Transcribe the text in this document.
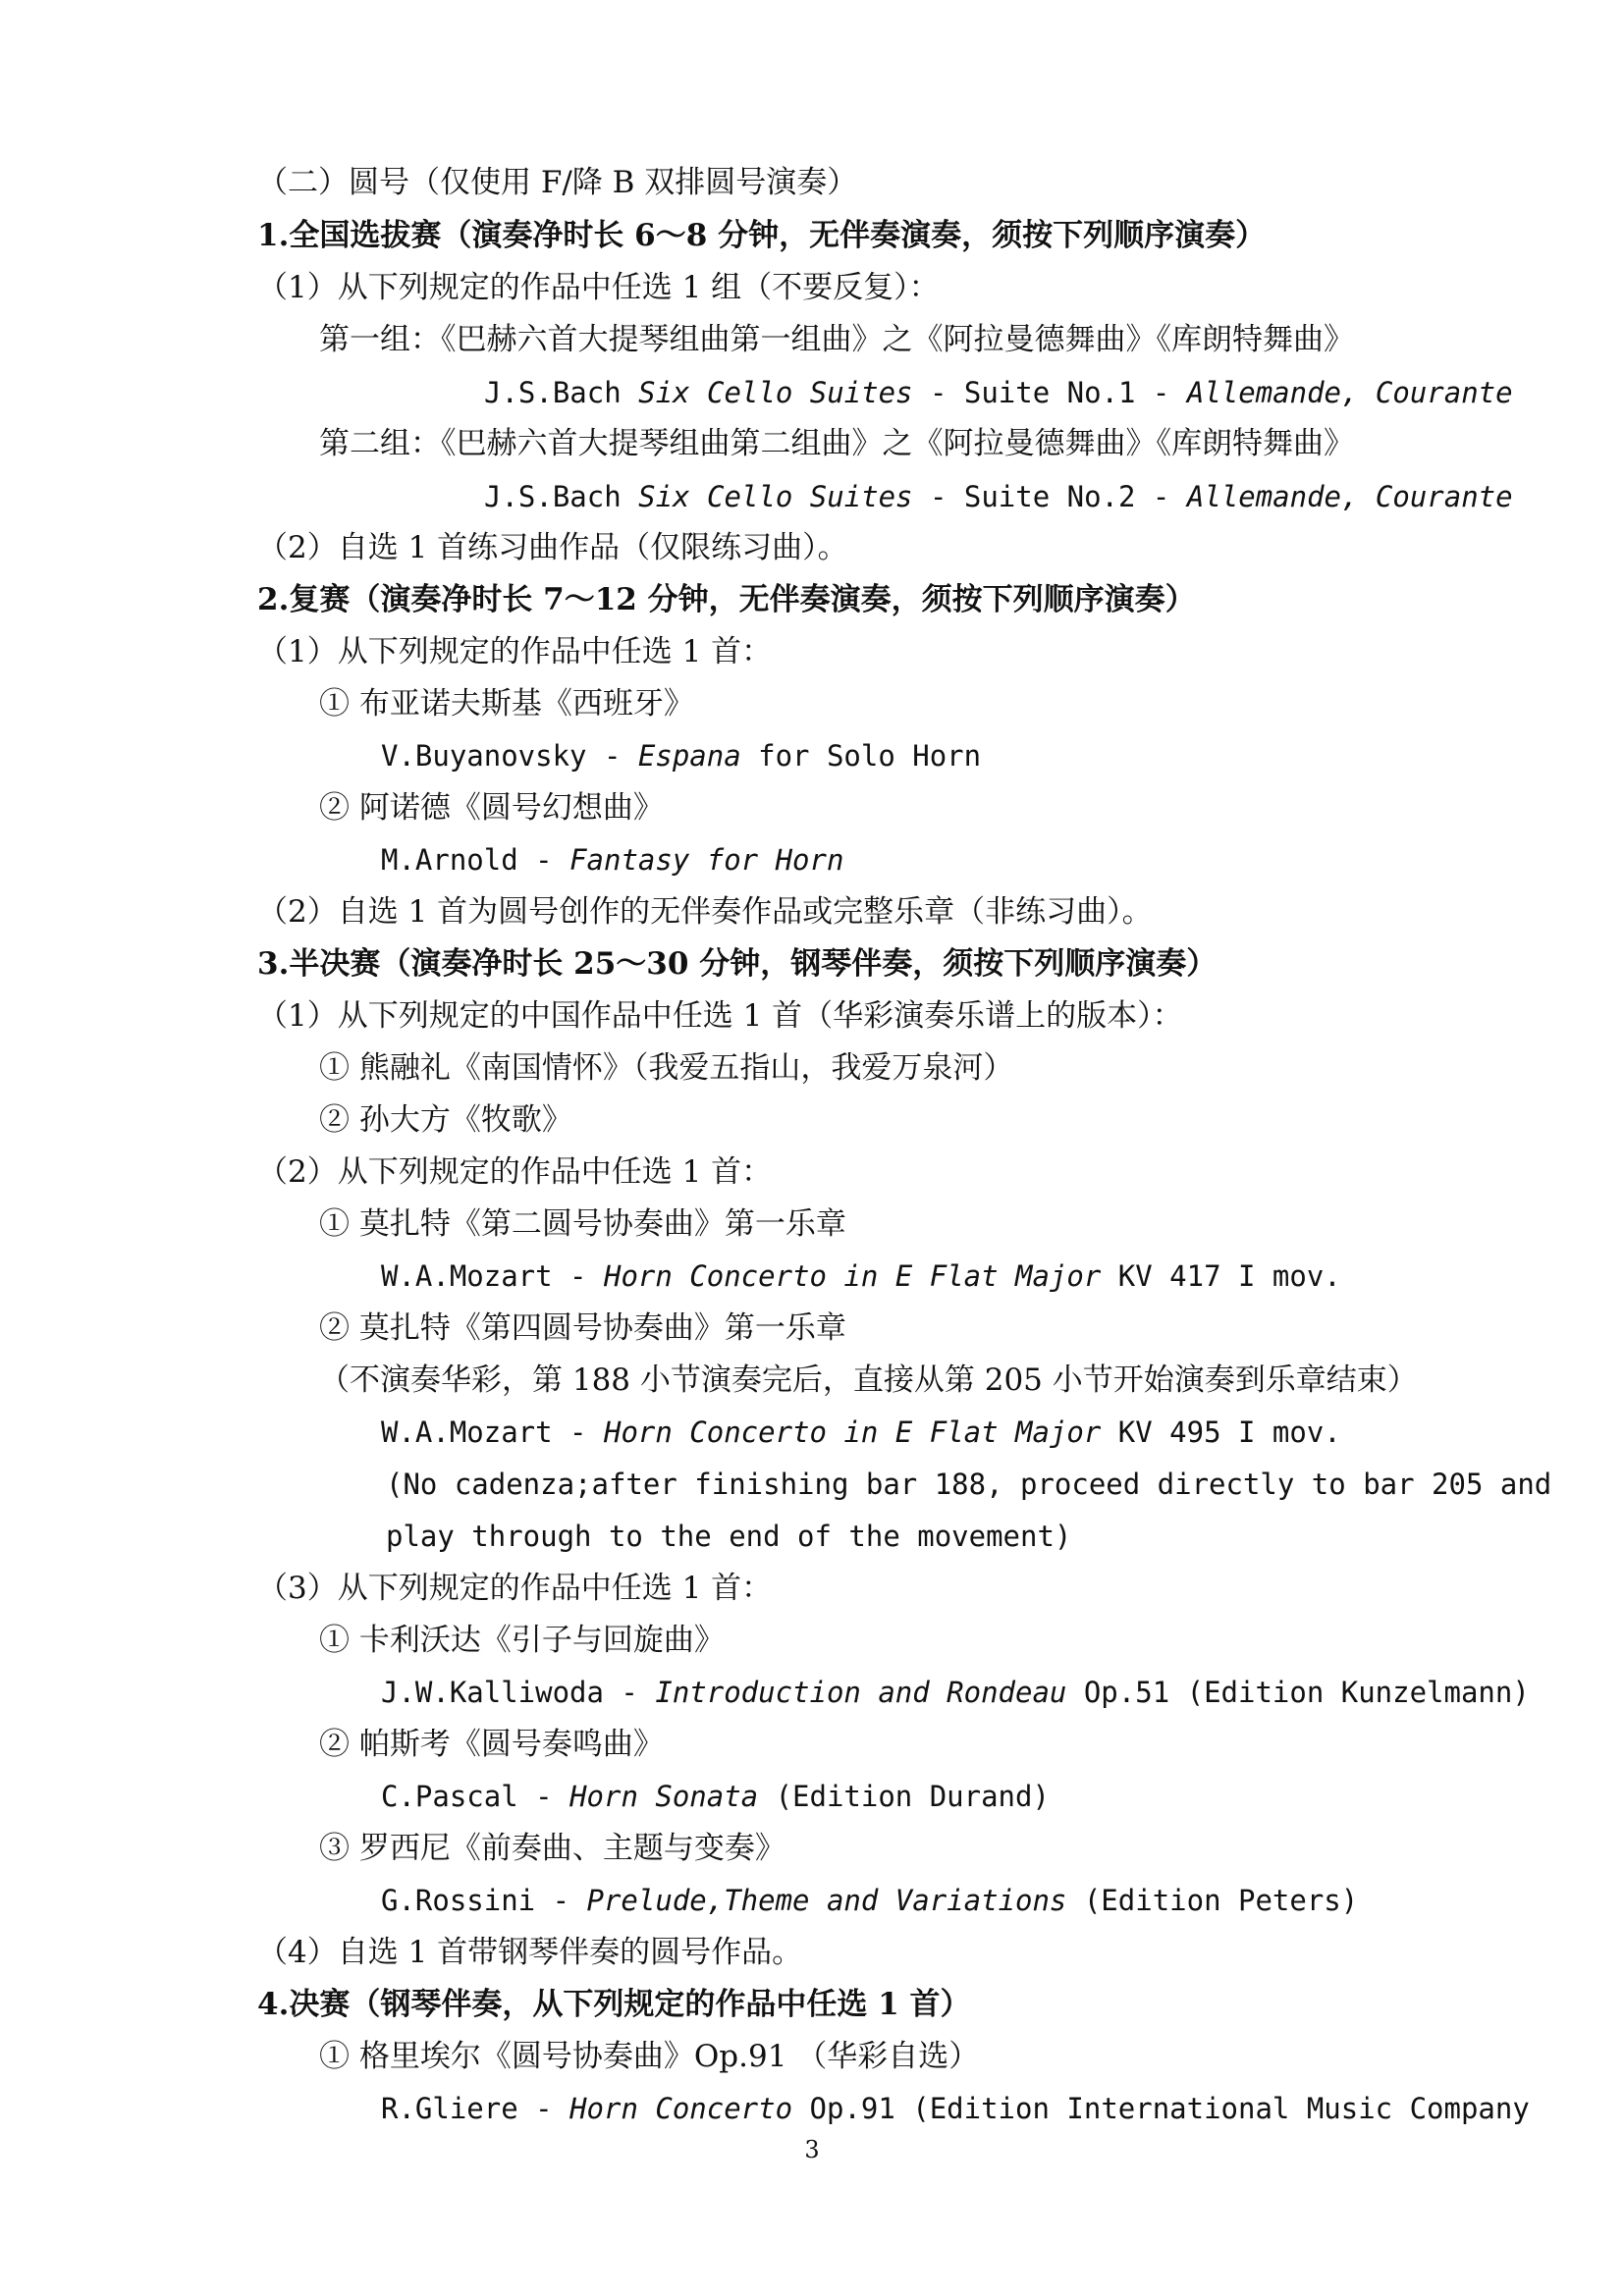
（二）圆号（仅使用 F/降 B 双排圆号演奏）
1.全国选拔赛（演奏净时长 6～8 分钟，无伴奏演奏，须按下列顺序演奏）
（1）从下列规定的作品中任选 1 组（不要反复）：
第一组：《巴赫六首大提琴组曲第一组曲》之《阿拉曼德舞曲》《库朗特舞曲》
J.S.Bach Six Cello Suites - Suite No.1 - Allemande, Courante
第二组：《巴赫六首大提琴组曲第二组曲》之《阿拉曼德舞曲》《库朗特舞曲》
J.S.Bach Six Cello Suites - Suite No.2 - Allemande, Courante
（2）自选 1 首练习曲作品（仅限练习曲）。
2.复赛（演奏净时长 7～12 分钟，无伴奏演奏，须按下列顺序演奏）
（1）从下列规定的作品中任选 1 首：
① 布亚诺夫斯基《西班牙》
V.Buyanovsky - Espana for Solo Horn
② 阿诺德《圆号幻想曲》
M.Arnold - Fantasy for Horn
（2）自选 1 首为圆号创作的无伴奏作品或完整乐章（非练习曲）。
3.半决赛（演奏净时长 25～30 分钟，钢琴伴奏，须按下列顺序演奏）
（1）从下列规定的中国作品中任选 1 首（华彩演奏乐谱上的版本）：
① 熊融礼《南国情怀》（我爱五指山，我爱万泉河）
② 孙大方《牧歌》
（2）从下列规定的作品中任选 1 首：
① 莫扎特《第二圆号协奏曲》第一乐章
W.A.Mozart - Horn Concerto in E Flat Major KV 417 I mov.
② 莫扎特《第四圆号协奏曲》第一乐章
（不演奏华彩，第 188 小节演奏完后，直接从第 205 小节开始演奏到乐章结束）
W.A.Mozart - Horn Concerto in E Flat Major KV 495 I mov.
(No cadenza;after finishing bar 188, proceed directly to bar 205 and
play through to the end of the movement)
（3）从下列规定的作品中任选 1 首：
① 卡利沃达《引子与回旋曲》
J.W.Kalliwoda - Introduction and Rondeau Op.51 (Edition Kunzelmann)
② 帕斯考《圆号奏鸣曲》
C.Pascal - Horn Sonata (Edition Durand)
③ 罗西尼《前奏曲、主题与变奏》
G.Rossini - Prelude,Theme and Variations (Edition Peters)
（4）自选 1 首带钢琴伴奏的圆号作品。
4.决赛（钢琴伴奏，从下列规定的作品中任选 1 首）
① 格里埃尔《圆号协奏曲》Op.91 （华彩自选）
R.Gliere - Horn Concerto Op.91 (Edition International Music Company
3
